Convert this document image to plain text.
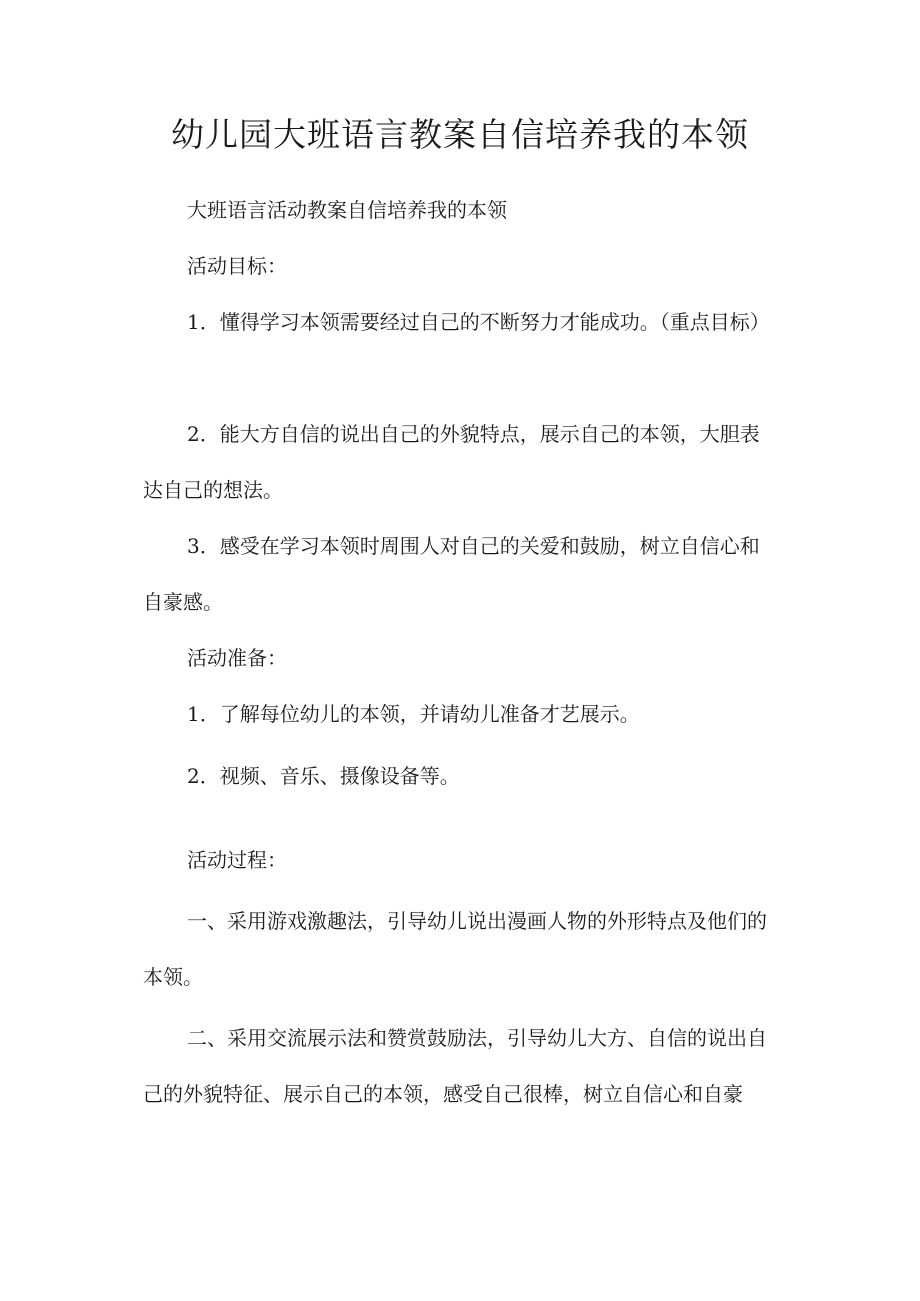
幼儿园大班语言教案自信培养我的本领

大班语言活动教案自信培养我的本领

活动目标：

1．懂得学习本领需要经过自己的不断努力才能成功。（重点目标）

2．能大方自信的说出自己的外貌特点，展示自己的本领，大胆表达自己的想法。

3．感受在学习本领时周围人对自己的关爱和鼓励，树立自信心和自豪感。

活动准备：

1．了解每位幼儿的本领，并请幼儿准备才艺展示。

2．视频、音乐、摄像设备等。

活动过程：

一、采用游戏激趣法，引导幼儿说出漫画人物的外形特点及他们的本领。

二、采用交流展示法和赞赏鼓励法，引导幼儿大方、自信的说出自己的外貌特征、展示自己的本领，感受自己很棒，树立自信心和自豪
